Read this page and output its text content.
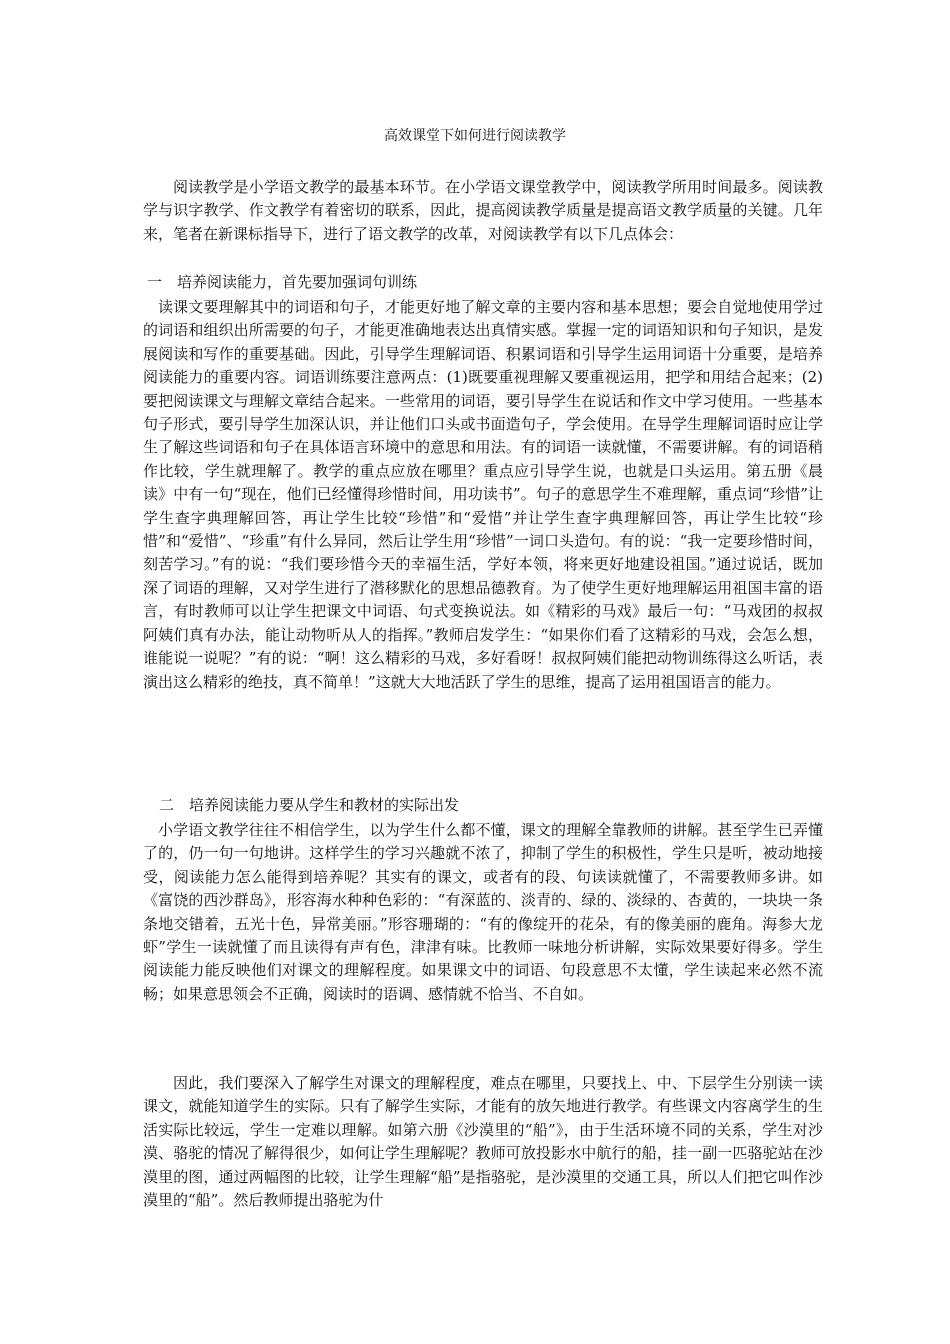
高效课堂下如何进行阅读教学
阅读教学是小学语文教学的最基本环节。在小学语文课堂教学中，阅读教学所用时间最多。阅读教学与识字教学、作文教学有着密切的联系，因此，提高阅读教学质量是提高语文教学质量的关键。几年来，笔者在新课标指导下，进行了语文教学的改革，对阅读教学有以下几点体会：
一　培养阅读能力，首先要加强词句训练
读课文要理解其中的词语和句子，才能更好地了解文章的主要内容和基本思想；要会自觉地使用学过的词语和组织出所需要的句子，才能更准确地表达出真情实感。掌握一定的词语知识和句子知识，是发展阅读和写作的重要基础。因此，引导学生理解词语、积累词语和引导学生运用词语十分重要，是培养阅读能力的重要内容。词语训练要注意两点：(1)既要重视理解又要重视运用，把学和用结合起来；(2)要把阅读课文与理解文章结合起来。一些常用的词语，要引导学生在说话和作文中学习使用。一些基本句子形式，要引导学生加深认识，并让他们口头或书面造句子，学会使用。在导学生理解词语时应让学生了解这些词语和句子在具体语言环境中的意思和用法。有的词语一读就懂，不需要讲解。有的词语稍作比较，学生就理解了。教学的重点应放在哪里？重点应引导学生说，也就是口头运用。第五册《晨读》中有一句“现在，他们已经懂得珍惜时间，用功读书”。句子的意思学生不难理解，重点词“珍惜”让学生查字典理解回答，再让学生比较“珍惜”和“爱惜”并让学生查字典理解回答，再让学生比较“珍惜”和“爱惜”、“珍重”有什么异同，然后让学生用“珍惜”一词口头造句。有的说：“我一定要珍惜时间，刻苦学习。”有的说：“我们要珍惜今天的幸福生活，学好本领，将来更好地建设祖国。”通过说话，既加深了词语的理解，又对学生进行了潜移默化的思想品德教育。为了使学生更好地理解运用祖国丰富的语言，有时教师可以让学生把课文中词语、句式变换说法。如《精彩的马戏》最后一句：“马戏团的叔叔阿姨们真有办法，能让动物听从人的指挥。”教师启发学生：“如果你们看了这精彩的马戏，会怎么想，谁能说一说呢？”有的说：“啊！这么精彩的马戏，多好看呀！叔叔阿姨们能把动物训练得这么听话，表演出这么精彩的绝技，真不简单！”这就大大地活跃了学生的思维，提高了运用祖国语言的能力。
二　培养阅读能力要从学生和教材的实际出发
小学语文教学往往不相信学生，以为学生什么都不懂，课文的理解全靠教师的讲解。甚至学生已弄懂了的，仍一句一句地讲。这样学生的学习兴趣就不浓了，抑制了学生的积极性，学生只是听，被动地接受，阅读能力怎么能得到培养呢？其实有的课文，或者有的段、句读读就懂了，不需要教师多讲。如《富饶的西沙群岛》，形容海水种种色彩的：“有深蓝的、淡青的、绿的、淡绿的、杏黄的，一块块一条条地交错着，五光十色，异常美丽。”形容珊瑚的：“有的像绽开的花朵，有的像美丽的鹿角。海参大龙虾”学生一读就懂了而且读得有声有色，津津有味。比教师一味地分析讲解，实际效果要好得多。学生阅读能力能反映他们对课文的理解程度。如果课文中的词语、句段意思不太懂，学生读起来必然不流畅；如果意思领会不正确，阅读时的语调、感情就不恰当、不自如。
因此，我们要深入了解学生对课文的理解程度，难点在哪里，只要找上、中、下层学生分别读一读课文，就能知道学生的实际。只有了解学生实际，才能有的放矢地进行教学。有些课文内容离学生的生活实际比较远，学生一定难以理解。如第六册《沙漠里的“船”》，由于生活环境不同的关系，学生对沙漠、骆驼的情况了解得很少，如何让学生理解呢？教师可放投影水中航行的船，挂一副一匹骆驼站在沙漠里的图，通过两幅图的比较，让学生理解“船”是指骆驼，是沙漠里的交通工具，所以人们把它叫作沙漠里的“船”。然后教师提出骆驼为什
